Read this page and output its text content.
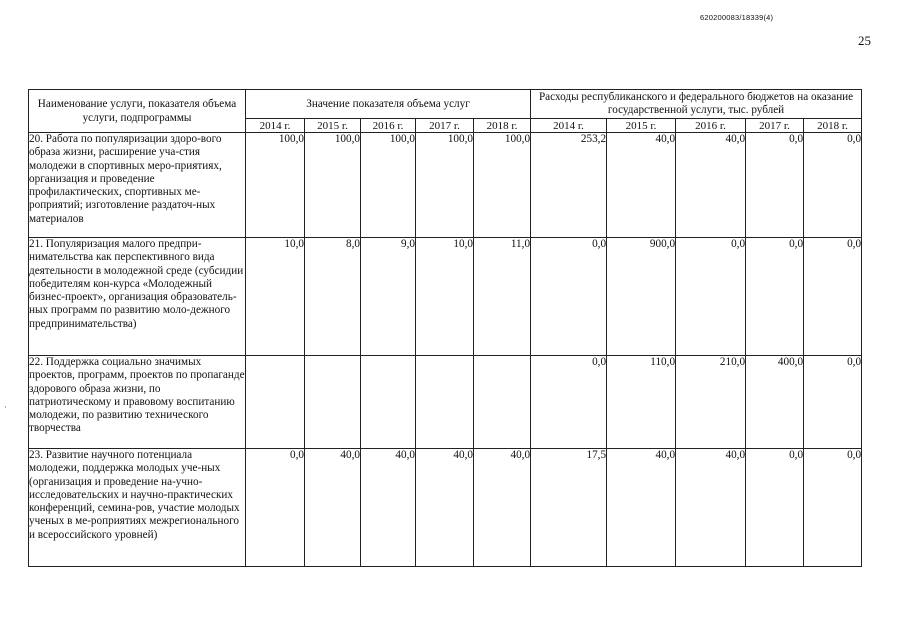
620200083/18339(4)
25
·
Наименование услуги, показателя объема услуги, подпрограммы	Значение показателя объема услуг					Расходы республиканского и федерального бюджетов на оказание государственной услуги, тыс. рублей				
	2014 г.	2015 г.	2016 г.	2017 г.	2018 г.	2014 г.	2015 г.	2016 г.	2017 г.	2018 г.
20. Работа по популяризации здоро-вого образа жизни, расширение уча-стия молодежи в спортивных меро-приятиях, организация и проведение профилактических, спортивных ме-роприятий; изготовление раздаточ-ных материалов	100,0	100,0	100,0	100,0	100,0	253,2	40,0	40,0	0,0	0,0
21. Популяризация малого предпри-нимательства как перспективного вида деятельности в молодежной среде (субсидии победителям кон-курса «Молодежный бизнес-проект», организация образователь-ных программ по развитию моло-дежного предпринимательства)	10,0	8,0	9,0	10,0	11,0	0,0	900,0	0,0	0,0	0,0
22. Поддержка социально значимых проектов, программ, проектов по пропаганде здорового образа жизни, по патриотическому и правовому воспитанию молодежи, по развитию технического творчества						0,0	110,0	210,0	400,0	0,0
23. Развитие научного потенциала молодежи, поддержка молодых уче-ных (организация и проведение на-учно-исследовательских и научно-практических конференций, семина-ров, участие молодых ученых в ме-роприятиях межрегионального и всероссийского уровней)	0,0	40,0	40,0	40,0	40,0	17,5	40,0	40,0	0,0	0,0
